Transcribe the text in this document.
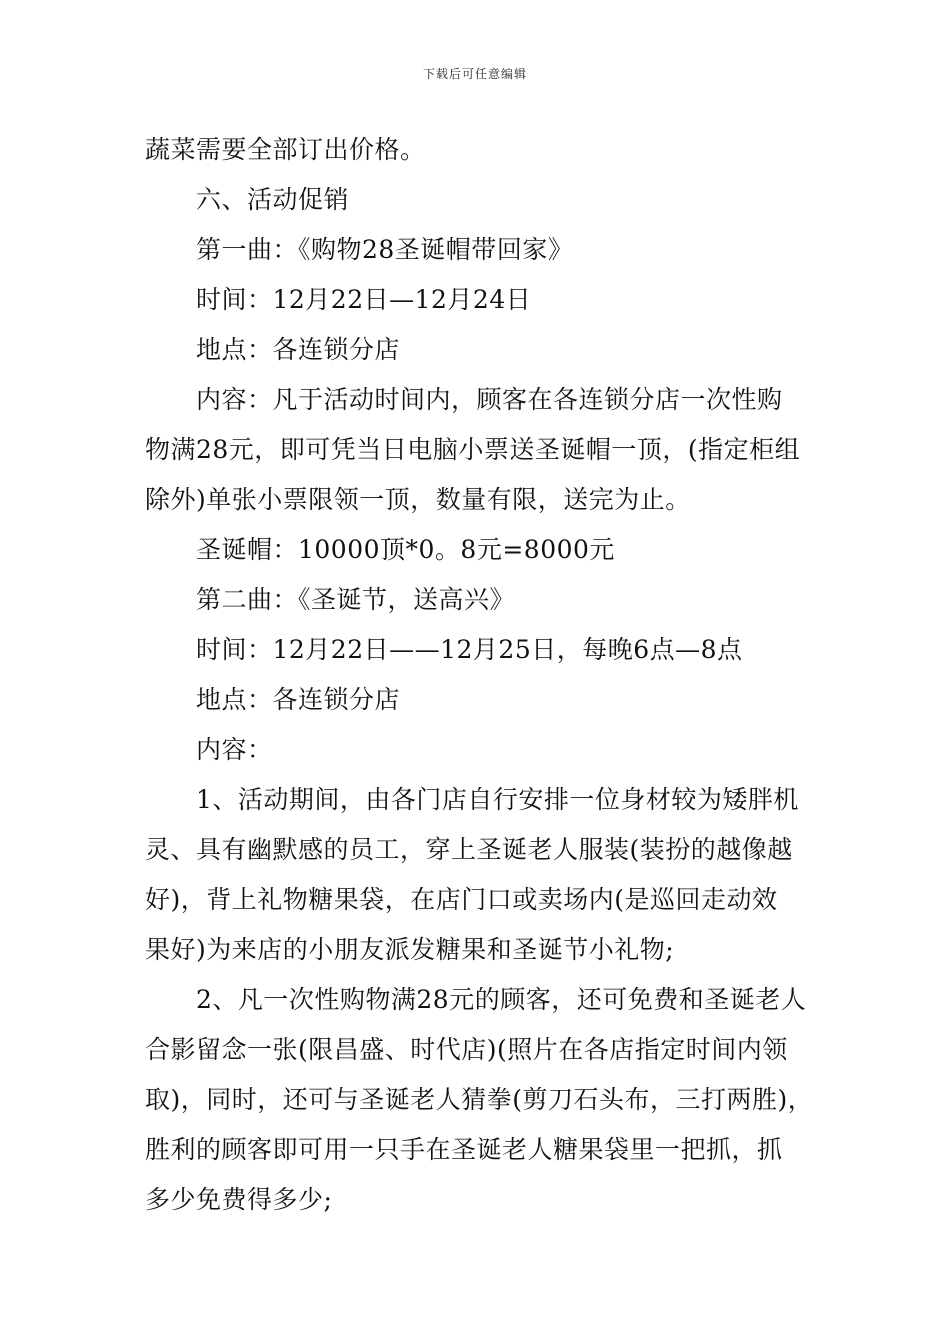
下载后可任意编辑
蔬菜需要全部订出价格。
六、活动促销
第一曲：《购物28圣诞帽带回家》
时间：12月22日—12月24日
地点：各连锁分店
内容：凡于活动时间内，顾客在各连锁分店一次性购
物满28元，即可凭当日电脑小票送圣诞帽一顶，(指定柜组
除外)单张小票限领一顶，数量有限，送完为止。
圣诞帽：10000顶*0。8元=8000元
第二曲：《圣诞节，送高兴》
时间：12月22日——12月25日，每晚6点—8点
地点：各连锁分店
内容：
1、活动期间，由各门店自行安排一位身材较为矮胖机
灵、具有幽默感的员工，穿上圣诞老人服装(装扮的越像越
好)，背上礼物糖果袋，在店门口或卖场内(是巡回走动效
果好)为来店的小朋友派发糖果和圣诞节小礼物;
2、凡一次性购物满28元的顾客，还可免费和圣诞老人
合影留念一张(限昌盛、时代店)(照片在各店指定时间内领
取)，同时，还可与圣诞老人猜拳(剪刀石头布，三打两胜)，
胜利的顾客即可用一只手在圣诞老人糖果袋里一把抓，抓
多少免费得多少;
